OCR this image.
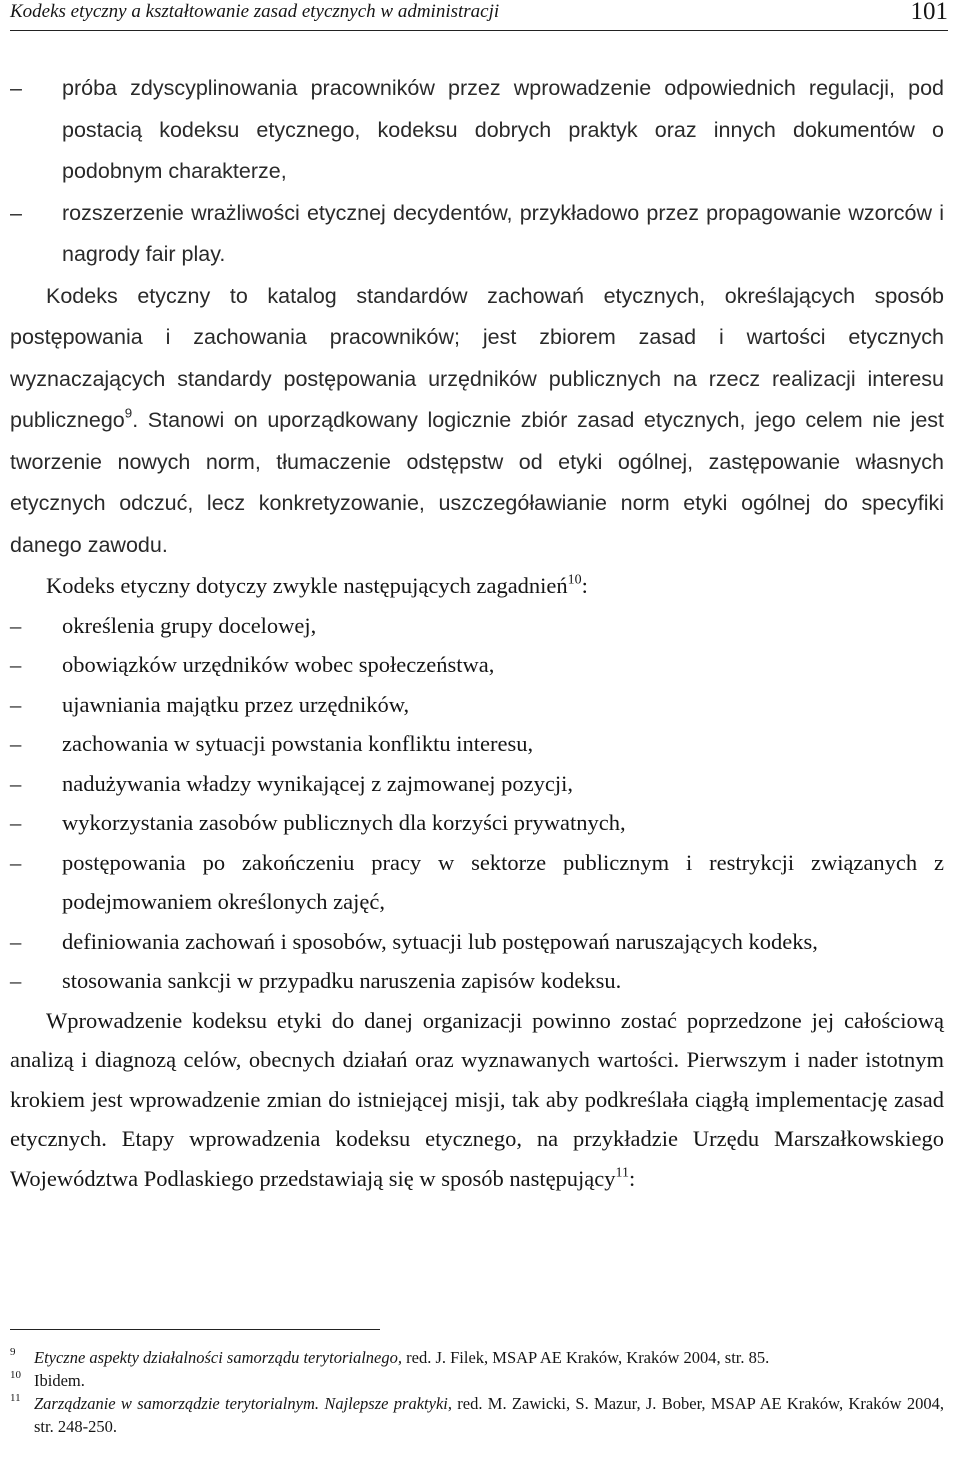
Kodeks etyczny a kształtowanie zasad etycznych w administracji	101
– próba zdyscyplinowania pracowników przez wprowadzenie odpowiednich regulacji, pod postacią kodeksu etycznego, kodeksu dobrych praktyk oraz innych dokumentów o podobnym charakterze,
– rozszerzenie wrażliwości etycznej decydentów, przykładowo przez propagowanie wzorców i nagrody fair play.

Kodeks etyczny to katalog standardów zachowań etycznych, określających sposób postępowania i zachowania pracowników; jest zbiorem zasad i wartości etycznych wyznaczających standardy postępowania urzędników publicznych na rzecz realizacji interesu publicznego$^9$. Stanowi on uporządkowany logicznie zbiór zasad etycznych, jego celem nie jest tworzenie nowych norm, tłumaczenie odstępstw od etyki ogólnej, zastępowanie własnych etycznych odczuć, lecz konkretyzowanie, uszczegóławianie norm etyki ogólnej do specyfiki danego zawodu.

Kodeks etyczny dotyczy zwykle następujących zagadnień$^{10}$:

– określenia grupy docelowej,
– obowiązków urzędników wobec społeczeństwa,
– ujawniania majątku przez urzędników,
– zachowania w sytuacji powstania konfliktu interesu,
– nadużywania władzy wynikającej z zajmowanej pozycji,
– wykorzystania zasobów publicznych dla korzyści prywatnych,
– postępowania po zakończeniu pracy w sektorze publicznym i restrykcji związanych z podejmowaniem określonych zajęć,
– definiowania zachowań i sposobów, sytuacji lub postępowań naruszających kodeks,
– stosowania sankcji w przypadku naruszenia zapisów kodeksu.

Wprowadzenie kodeksu etyki do danej organizacji powinno zostać poprzedzone jej całościową analizą i diagnozą celów, obecnych działań oraz wyznawanych wartości. Pierwszym i nader istotnym krokiem jest wprowadzenie zmian do istniejącej misji, tak aby podkreślała ciągłą implementację zasad etycznych. Etapy wprowadzenia kodeksu etycznego, na przykładzie Urzędu Marszałkowskiego Województwa Podlaskiego przedstawiają się w sposób następujący$^{11}$:

9 Etyczne aspekty działalności samorządu terytorialnego, red. J. Filek, MSAP AE Kraków, Kraków 2004, str. 85.
10 Ibidem.
11 Zarządzanie w samorządzie terytorialnym. Najlepsze praktyki, red. M. Zawicki, S. Mazur, J. Bober, MSAP AE Kraków, Kraków 2004, str. 248-250.
